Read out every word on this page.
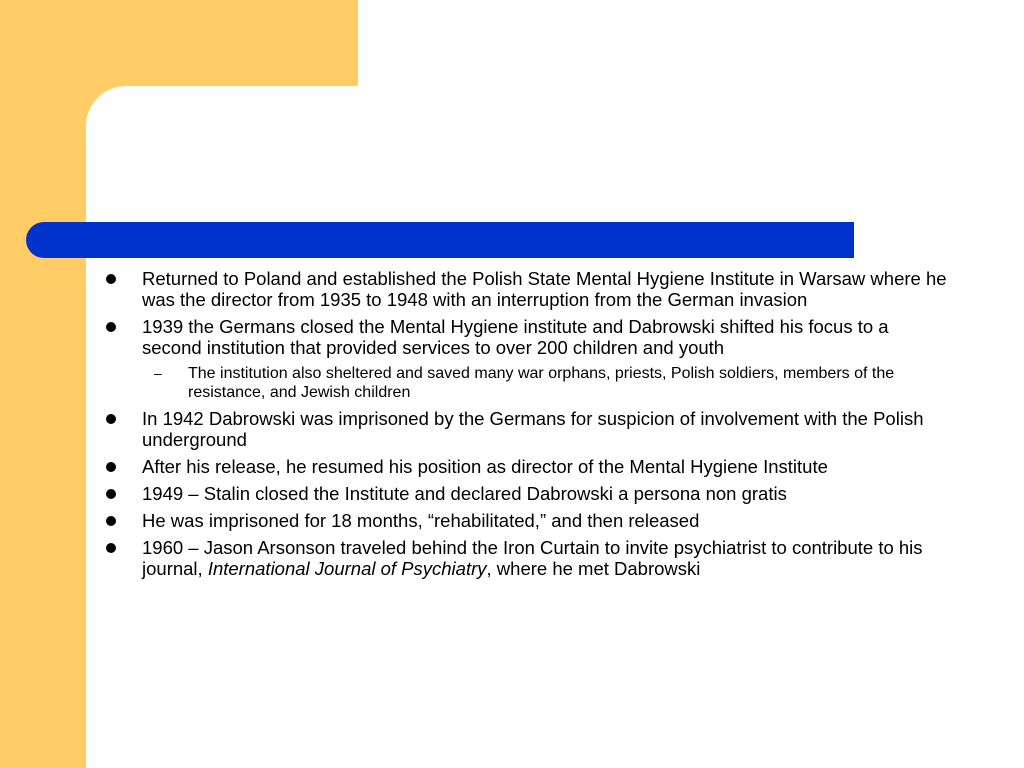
Returned to Poland and established the Polish State Mental Hygiene Institute in Warsaw where he was the director from 1935 to 1948 with an interruption from the German invasion
1939 the Germans closed the Mental Hygiene institute and Dabrowski shifted his focus to a second institution that provided services to over 200 children and youth
– The institution also sheltered and saved many war orphans, priests, Polish soldiers, members of the resistance, and Jewish children
In 1942 Dabrowski was imprisoned by the Germans for suspicion of involvement with the Polish underground
After his release, he resumed his position as director of the Mental Hygiene Institute
1949 – Stalin closed the Institute and declared Dabrowski a persona non gratis
He was imprisoned for 18 months, “rehabilitated,” and then released
1960 – Jason Arsonson traveled behind the Iron Curtain to invite psychiatrist to contribute to his journal, International Journal of Psychiatry, where he met Dabrowski
